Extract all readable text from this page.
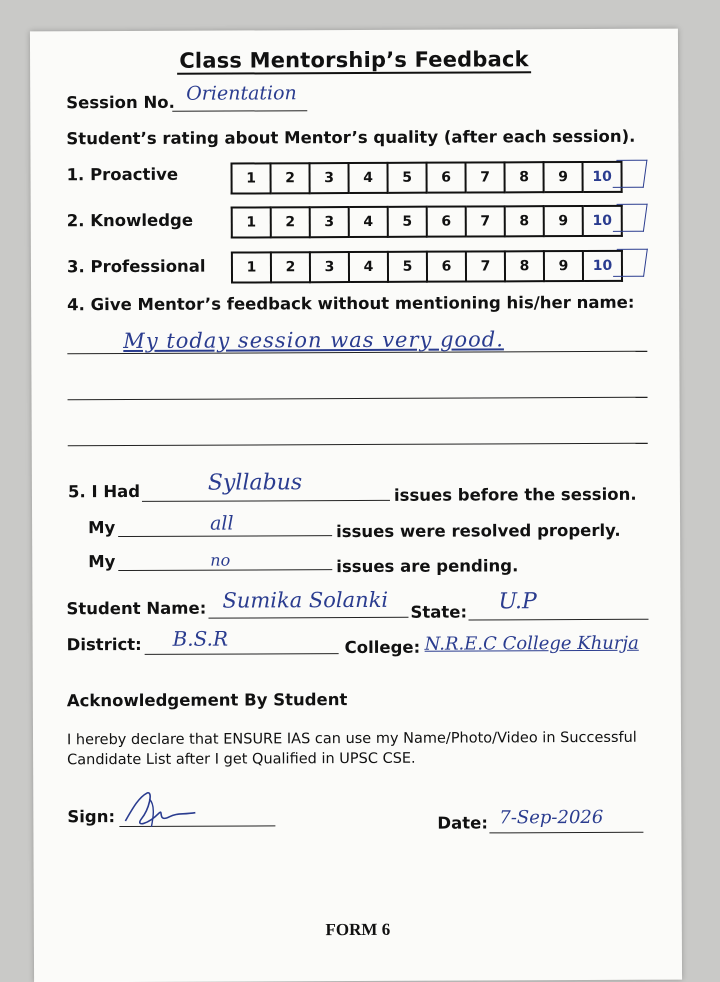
Class Mentorship’s Feedback
Session No. Orientation
Student’s rating about Mentor’s quality (after each session).
1. Proactive	1	2	3	4	5	6	7	8	9	10
2. Knowledge	1	2	3	4	5	6	7	8	9	10
3. Professional	1	2	3	4	5	6	7	8	9	10
4. Give Mentor’s feedback without mentioning his/her name:
My today session was very good.
5. I Had	Syllabus	issues before the session.
My	all	issues were resolved properly.
My	no	issues are pending.
Student Name: Sumika Solanki State: U.P
District: B.S.R	College: N.R.E.C College Khurja
Acknowledgement By Student
I hereby declare that ENSURE IAS can use my Name/Photo/Video in Successful
Candidate List after I get Qualified in UPSC CSE.
Sign:	Date: 7-Sep-2026
FORM 6
